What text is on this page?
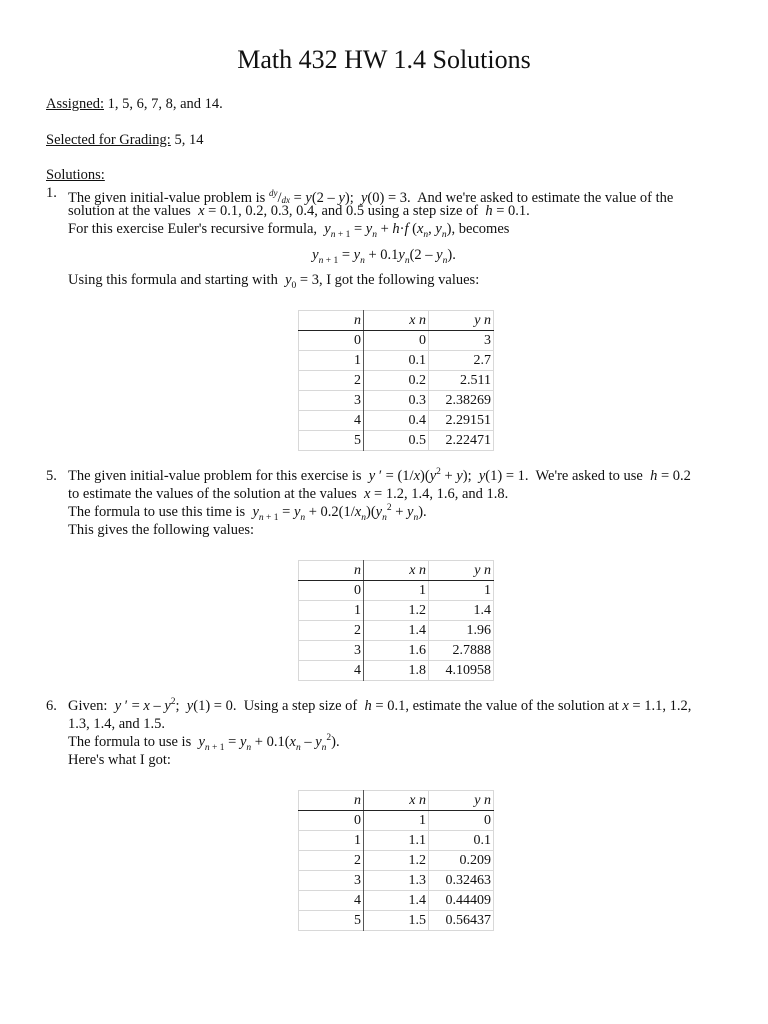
Math 432 HW 1.4 Solutions
Assigned: 1, 5, 6, 7, 8, and 14.
Selected for Grading: 5, 14
Solutions:
1. The given initial-value problem is $^{dy}$/dx = y(2 – y);  y(0) = 3.  And we're asked to estimate the value of the
solution at the values  x = 0.1, 0.2, 0.3, 0.4, and 0.5 using a step size of  h = 0.1.
For this exercise Euler's recursive formula,  $y_{n + 1} = y_n + h\cdot f$ ($x_n$, $y_n$), becomes
$y_{n + 1} = y_n + 0.1y_n(2 - y_n)$.
Using this formula and starting with  $y_0 = 3$, I got the following values:
n	x n	y n
0	0	3
1	0.1	2.7
2	0.2	2.511
3	0.3	2.38269
4	0.4	2.29151
5	0.5	2.22471
5. The given initial-value problem for this exercise is  y ′ = $(1/x)(y^2 + y)$;  y(1) = 1.  We're asked to use  h = 0.2
to estimate the values of the solution at the values  x = 1.2, 1.4, 1.6, and 1.8.
The formula to use this time is  $y_{n + 1} = y_n + 0.2(1/x_n)(y_n^2 + y_n)$.
This gives the following values:
n	x n	y n
0	1	1
1	1.2	1.4
2	1.4	1.96
3	1.6	2.7888
4	1.8	4.10958
6. Given:  y ′ = x – $y^2$;  y(1) = 0.  Using a step size of  h = 0.1, estimate the value of the solution at x = 1.1, 1.2,
1.3, 1.4, and 1.5.
The formula to use is  $y_{n + 1} = y_n + 0.1(x_n - y_n^2)$.
Here's what I got:
n	x n	y n
0	1	0
1	1.1	0.1
2	1.2	0.209
3	1.3	0.32463
4	1.4	0.44409
5	1.5	0.56437
